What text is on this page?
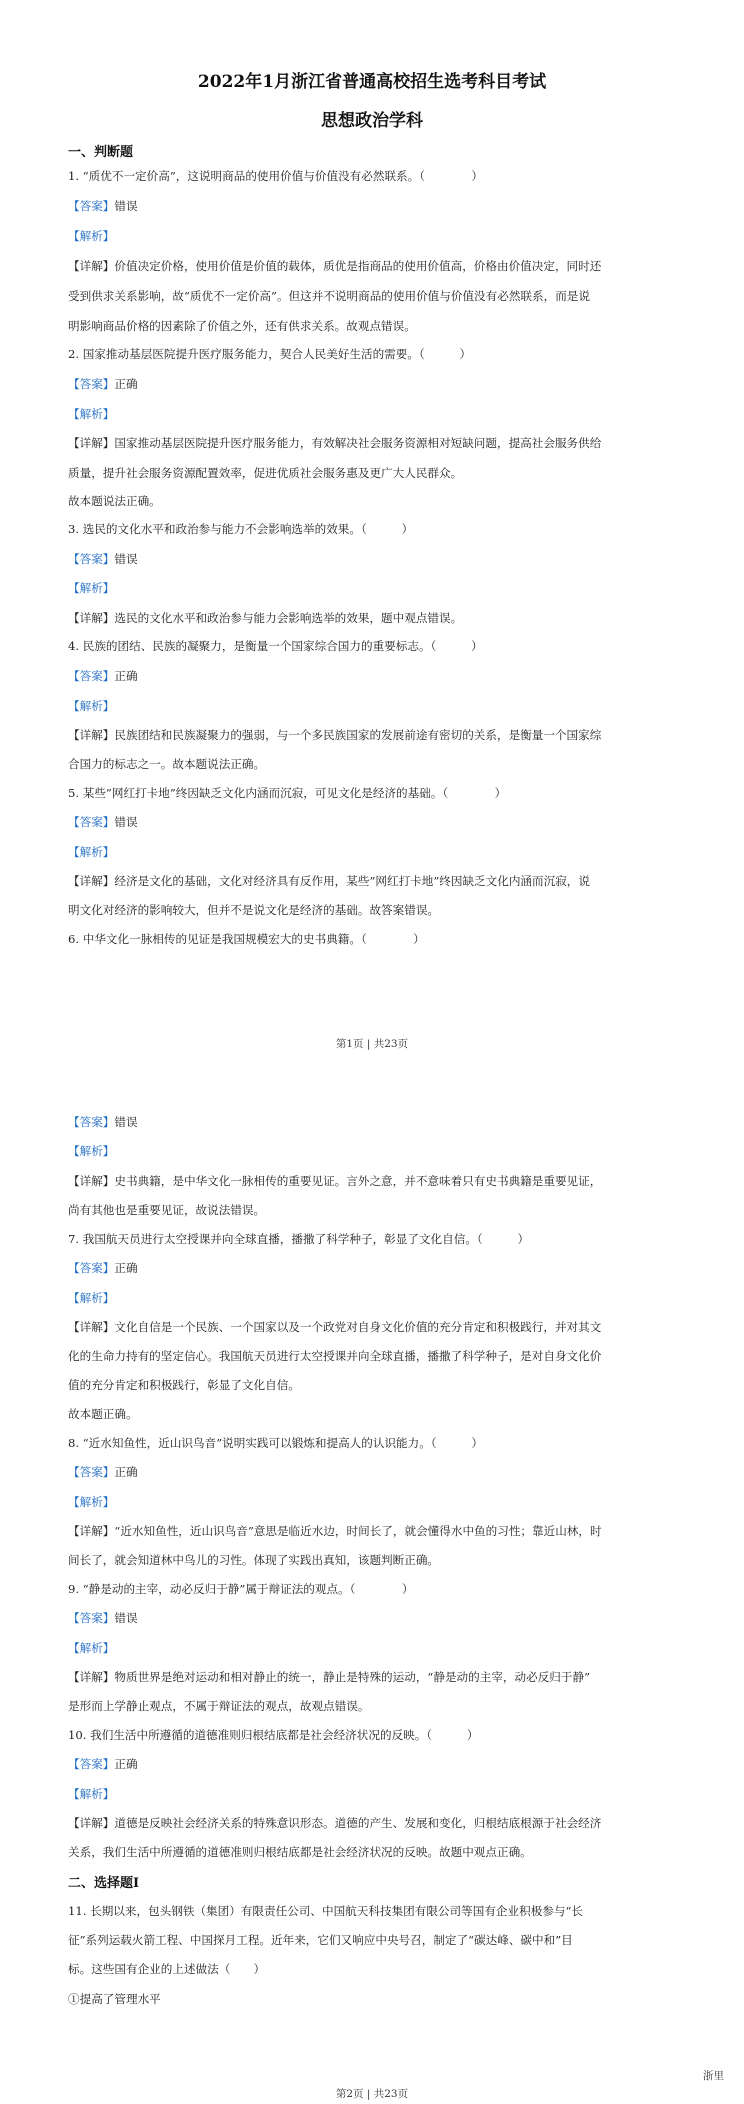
2022年1月浙江省普通高校招生选考科目考试
思想政治学科
一、判断题
1. “质优不一定价高”，这说明商品的使用价值与价值没有必然联系。（　　　　）
【答案】错误
【解析】
【详解】价值决定价格，使用价值是价值的载体，质优是指商品的使用价值高，价格由价值决定，同时还
受到供求关系影响，故“质优不一定价高”。但这并不说明商品的使用价值与价值没有必然联系，而是说
明影响商品价格的因素除了价值之外，还有供求关系。故观点错误。
2. 国家推动基层医院提升医疗服务能力，契合人民美好生活的需要。（　　　）
【答案】正确
【解析】
【详解】国家推动基层医院提升医疗服务能力，有效解决社会服务资源相对短缺问题，提高社会服务供给
质量，提升社会服务资源配置效率，促进优质社会服务惠及更广大人民群众。
故本题说法正确。
3. 选民的文化水平和政治参与能力不会影响选举的效果。（　　　）
【答案】错误
【解析】
【详解】选民的文化水平和政治参与能力会影响选举的效果，题中观点错误。
4. 民族的团结、民族的凝聚力，是衡量一个国家综合国力的重要标志。（　　　）
【答案】正确
【解析】
【详解】民族团结和民族凝聚力的强弱，与一个多民族国家的发展前途有密切的关系，是衡量一个国家综
合国力的标志之一。故本题说法正确。
5. 某些”网红打卡地”终因缺乏文化内涵而沉寂，可见文化是经济的基础。（　　　　）
【答案】错误
【解析】
【详解】经济是文化的基础，文化对经济具有反作用，某些”网红打卡地”终因缺乏文化内涵而沉寂，说
明文化对经济的影响较大，但并不是说文化是经济的基础。故答案错误。
6. 中华文化一脉相传的见证是我国规模宏大的史书典籍。（　　　　）
第1页 | 共23页
【答案】错误
【解析】
【详解】史书典籍，是中华文化一脉相传的重要见证。言外之意，并不意味着只有史书典籍是重要见证，
尚有其他也是重要见证，故说法错误。
7. 我国航天员进行太空授课并向全球直播，播撒了科学种子，彰显了文化自信。（　　　）
【答案】正确
【解析】
【详解】文化自信是一个民族、一个国家以及一个政党对自身文化价值的充分肯定和积极践行，并对其文
化的生命力持有的坚定信心。我国航天员进行太空授课并向全球直播，播撒了科学种子，是对自身文化价
值的充分肯定和积极践行，彰显了文化自信。
故本题正确。
8. “近水知鱼性，近山识鸟音”说明实践可以锻炼和提高人的认识能力。（　　　）
【答案】正确
【解析】
【详解】“近水知鱼性，近山识鸟音”意思是临近水边，时间长了，就会懂得水中鱼的习性；靠近山林，时
间长了，就会知道林中鸟儿的习性。体现了实践出真知，该题判断正确。
9. “静是动的主宰，动必反归于静”属于辩证法的观点。（　　　　）
【答案】错误
【解析】
【详解】物质世界是绝对运动和相对静止的统一，静止是特殊的运动，“静是动的主宰，动必反归于静”
是形而上学静止观点，不属于辩证法的观点，故观点错误。
10. 我们生活中所遵循的道德准则归根结底都是社会经济状况的反映。（　　　）
【答案】正确
【解析】
【详解】道德是反映社会经济关系的特殊意识形态。道德的产生、发展和变化，归根结底根源于社会经济
关系，我们生活中所遵循的道德准则归根结底都是社会经济状况的反映。故题中观点正确。
二、选择题Ⅰ
11. 长期以来，包头钢铁（集团）有限责任公司、中国航天科技集团有限公司等国有企业积极参与“长
征”系列运载火箭工程、中国探月工程。近年来，它们又响应中央号召，制定了“碳达峰、碳中和”目
标。这些国有企业的上述做法（　　）
①提高了管理水平
第2页 | 共23页
浙里
